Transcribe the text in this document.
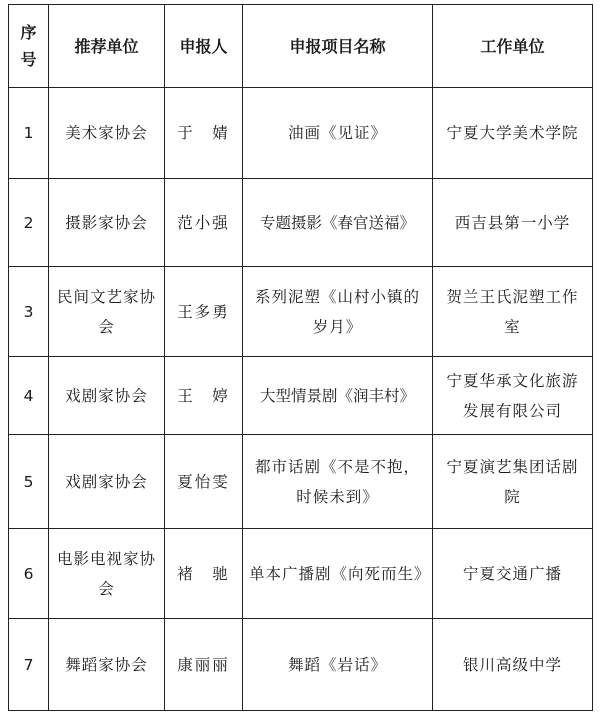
序号	推荐单位	申报人	申报项目名称	工作单位
1	美术家协会	于　婧	油画《见证》	宁夏大学美术学院
2	摄影家协会	范小强	专题摄影《春官送福》	西吉县第一小学
3	民间文艺家协会	王多勇	系列泥塑《山村小镇的岁月》	贺兰王氏泥塑工作室
4	戏剧家协会	王　婷	大型情景剧《润丰村》	宁夏华承文化旅游发展有限公司
5	戏剧家协会	夏怡雯	都市话剧《不是不抱，时候未到》	宁夏演艺集团话剧院
6	电影电视家协会	褚　驰	单本广播剧《向死而生》	宁夏交通广播
7	舞蹈家协会	康丽丽	舞蹈《岩话》	银川高级中学
